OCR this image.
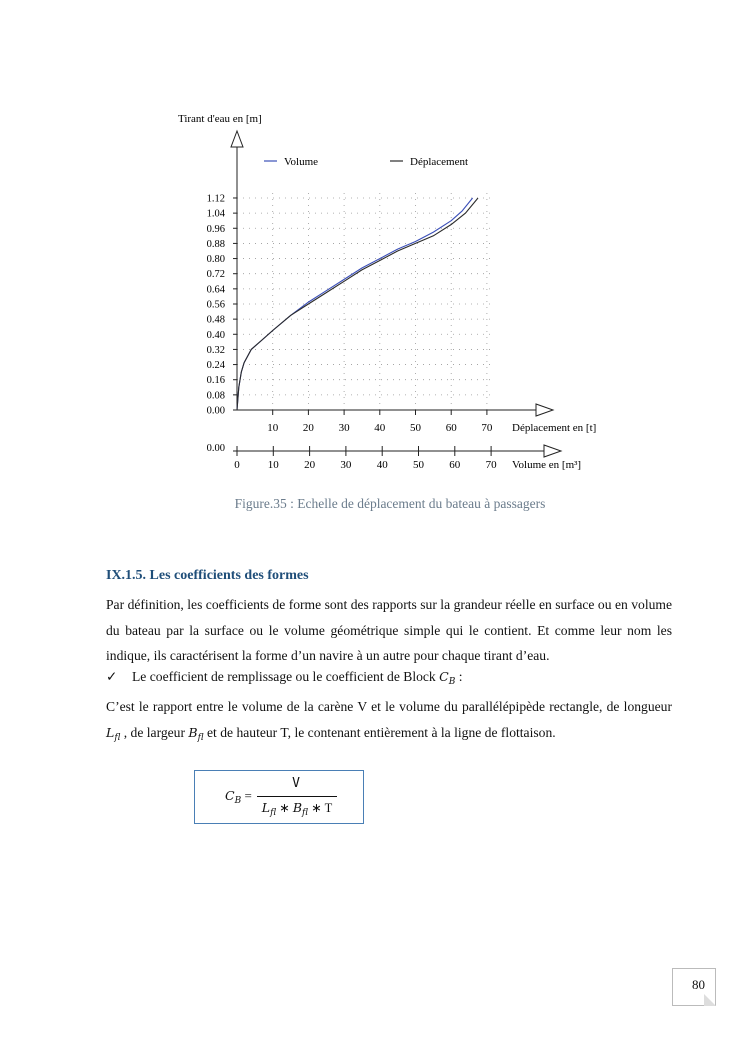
Tirant d'eau en [m]
0.00
0.08
0.16
0.24
0.32
0.40
0.48
0.56
0.64
0.72
0.80
0.88
0.96
1.04
1.12
10 20 30 40 50 60 70 Déplacement en [t]
0.00
0	10 20 30 40 50 60 70 Volume en [m³]
Volume	Déplacement
Figure.35 : Echelle de déplacement du bateau à passagers
IX.1.5. Les coefficients des formes
Par définition, les coefficients de forme sont des rapports sur la grandeur réelle en surface ou en volume du bateau par la surface ou le volume géométrique simple qui le contient. Et comme leur nom les indique, ils caractérisent la forme d’un navire à un autre pour chaque tirant d’eau.
✓ Le coefficient de remplissage ou le coefficient de Block $C_B$ :
C’est le rapport entre le volume de la carène V et le volume du parallélépipède rectangle, de longueur $L_{fl}$ , de largeur $B_{fl}$ et de hauteur T, le contenant entièrement à la ligne de flottaison.
$C_B$ =
V
$L_{fl}$ ∗ $B_{fl}$ ∗ T
80
